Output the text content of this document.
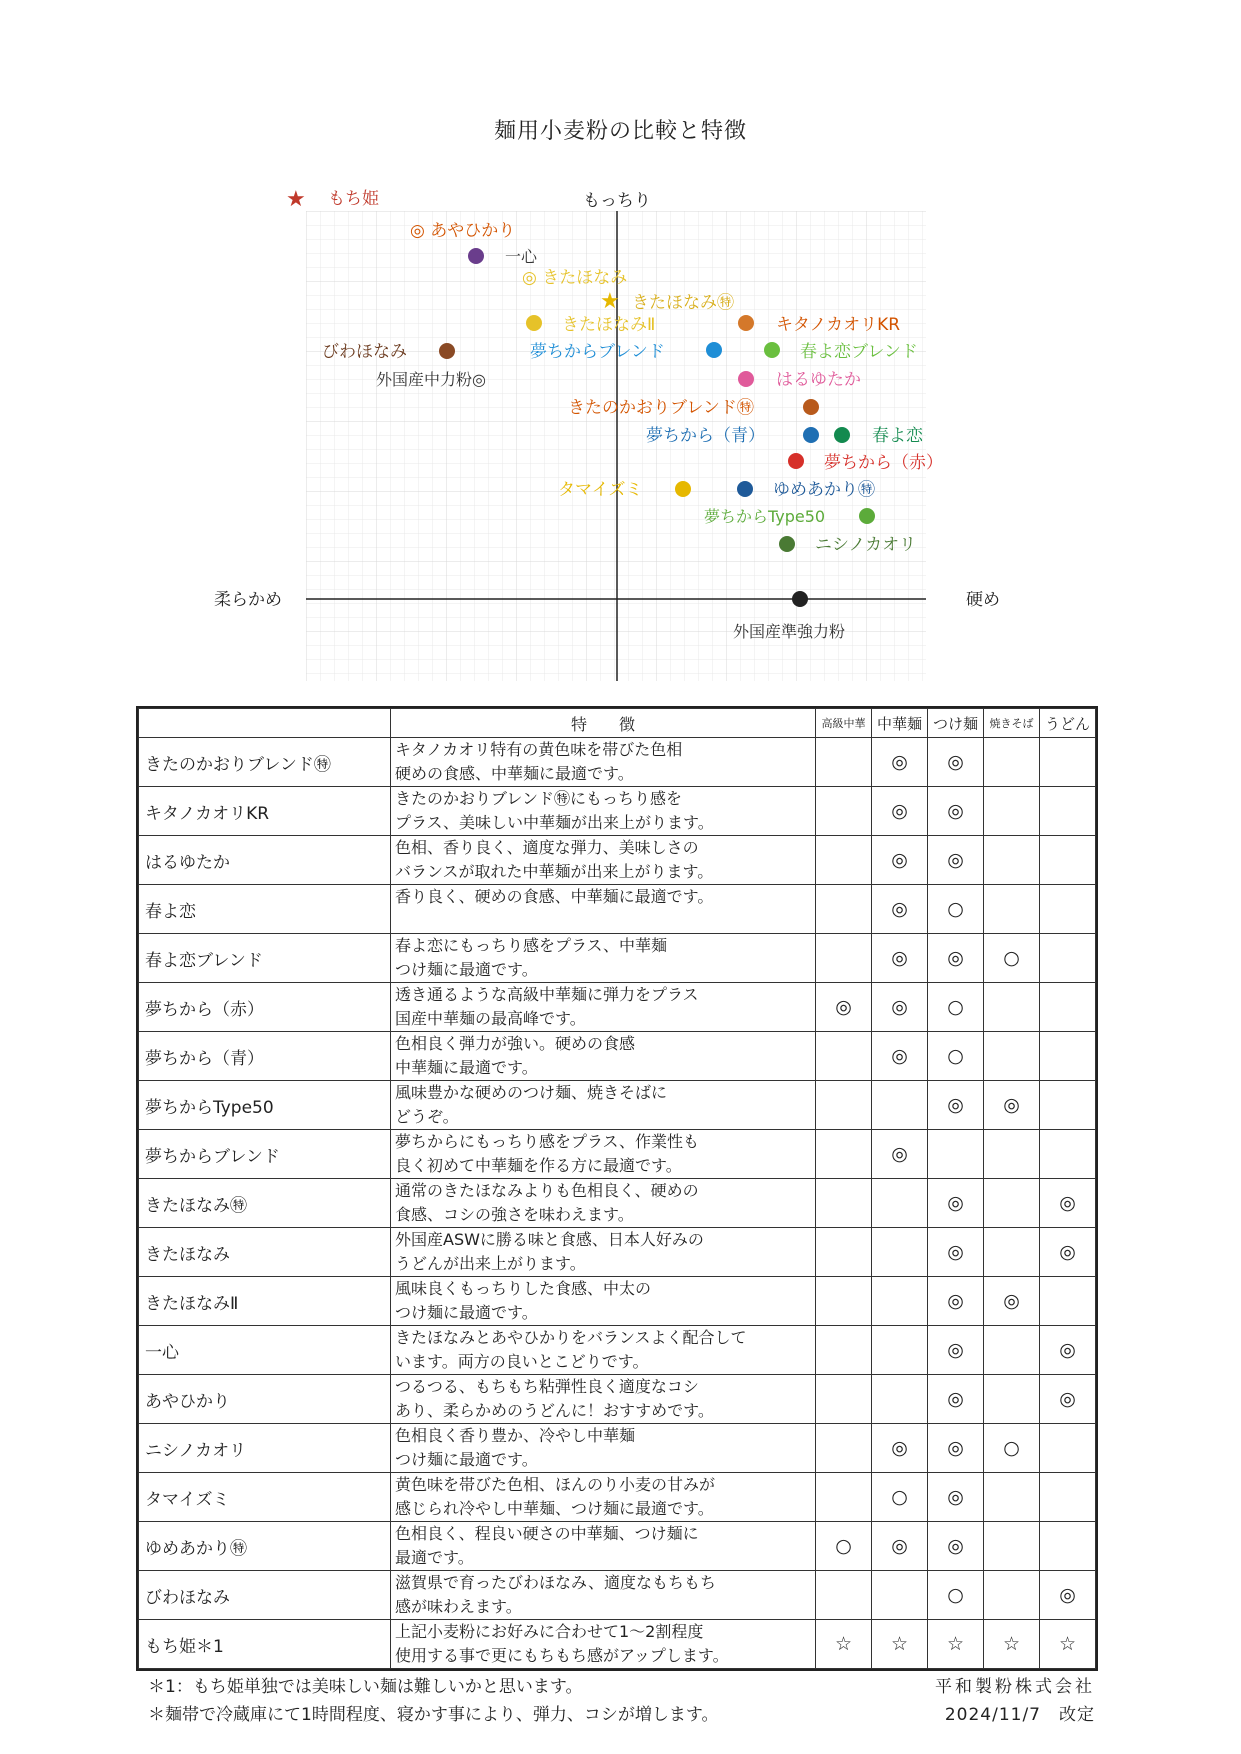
麺用小麦粉の比較と特徴
もっちり
柔らかめ	硬め
★ もち姫
★
◎ あやひかり
一心
◎ きたほなみ
きたほなみ㊕
きたほなみⅡ	キタノカオリKR
びわほなみ	夢ちからブレンド	春よ恋ブレンド
外国産中力粉◎	はるゆたか
きたのかおりブレンド㊕
夢ちから（青）	春よ恋
夢ちから（赤）
タマイズミ	ゆめあかり㊕
夢ちからType50
ニシノカオリ
外国産準強力粉
	特　　徴	高級中華	中華麺	つけ麺	焼きそば	うどん
きたのかおりブレンド㊕	キタノカオリ特有の黄色味を帯びた色相
硬めの食感、中華麺に最適です。		◎	◎		
キタノカオリKR	きたのかおりブレンド㊕にもっちり感を
プラス、美味しい中華麺が出来上がります。		◎	◎		
はるゆたか	色相、香り良く、適度な弾力、美味しさの
バランスが取れた中華麺が出来上がります。		◎	◎		
春よ恋	香り良く、硬めの食感、中華麺に最適です。		◎	○		
春よ恋ブレンド	春よ恋にもっちり感をプラス、中華麺
つけ麺に最適です。		◎	◎	○	
夢ちから（赤）	透き通るような高級中華麺に弾力をプラス
国産中華麺の最高峰です。	◎	◎	○		
夢ちから（青）	色相良く弾力が強い。硬めの食感
中華麺に最適です。		◎	○		
夢ちからType50	風味豊かな硬めのつけ麺、焼きそばに
どうぞ。			◎	◎	
夢ちからブレンド	夢ちからにもっちり感をプラス、作業性も
良く初めて中華麺を作る方に最適です。		◎			
きたほなみ㊕	通常のきたほなみよりも色相良く、硬めの
食感、コシの強さを味わえます。			◎		◎
きたほなみ	外国産ASWに勝る味と食感、日本人好みの
うどんが出来上がります。			◎		◎
きたほなみⅡ	風味良くもっちりした食感、中太の
つけ麺に最適です。			◎	◎	
一心	きたほなみとあやひかりをバランスよく配合して
います。両方の良いとこどりです。			◎		◎
あやひかり	つるつる、もちもち粘弾性良く適度なコシ
あり、柔らかめのうどんに！おすすめです。			◎		◎
ニシノカオリ	色相良く香り豊か、冷やし中華麺
つけ麺に最適です。		◎	◎	○	
タマイズミ	黄色味を帯びた色相、ほんのり小麦の甘みが
感じられ冷やし中華麺、つけ麺に最適です。		○	◎		
ゆめあかり㊕	色相良く、程良い硬さの中華麺、つけ麺に
最適です。	○	◎	◎		
びわほなみ	滋賀県で育ったびわほなみ、適度なもちもち
感が味わえます。			○		◎
もち姫＊1	上記小麦粉にお好みに合わせて1～2割程度
使用する事で更にもちもち感がアップします。	☆	☆	☆	☆	☆
＊1：もち姫単独では美味しい麺は難しいかと思います。
＊麺帯で冷蔵庫にて1時間程度、寝かす事により、弾力、コシが増します。
平和製粉株式会社
2024/11/7　改定
